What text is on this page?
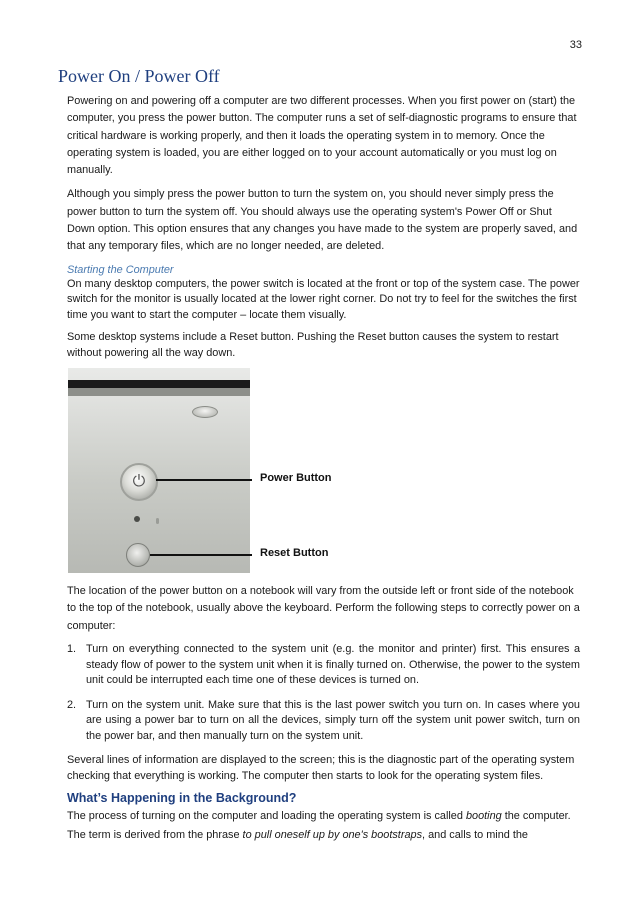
33
Power On / Power Off

Powering on and powering off a computer are two different processes. When you first power on (start) the computer, you press the power button. The computer runs a set of self-diagnostic programs to ensure that critical hardware is working properly, and then it loads the operating system in to memory. Once the operating system is loaded, you are either logged on to your account automatically or you must log on manually.

Although you simply press the power button to turn the system on, you should never simply press the power button to turn the system off. You should always use the operating system's Power Off or Shut Down option. This option ensures that any changes you have made to the system are properly saved, and that any temporary files, which are no longer needed, are deleted.

Starting the Computer

On many desktop computers, the power switch is located at the front or top of the system case. The power switch for the monitor is usually located at the lower right corner. Do not try to feel for the switches the first time you want to start the computer – locate them visually.

Some desktop systems include a Reset button. Pushing the Reset button causes the system to restart without powering all the way down.

⏻	Power Button
Reset Button

The location of the power button on a notebook will vary from the outside left or front side of the notebook to the top of the notebook, usually above the keyboard. Perform the following steps to correctly power on a computer:

1. Turn on everything connected to the system unit (e.g. the monitor and printer) first. This ensures a steady flow of power to the system unit when it is finally turned on. Otherwise, the power to the system unit could be interrupted each time one of these devices is turned on.
2. Turn on the system unit. Make sure that this is the last power switch you turn on. In cases where you are using a power bar to turn on all the devices, simply turn off the system unit power switch, turn on the power bar, and then manually turn on the system unit.

Several lines of information are displayed to the screen; this is the diagnostic part of the operating system checking that everything is working. The computer then starts to look for the operating system files.

What’s Happening in the Background?

The process of turning on the computer and loading the operating system is called booting the computer.

The term is derived from the phrase to pull oneself up by one's bootstraps, and calls to mind the
